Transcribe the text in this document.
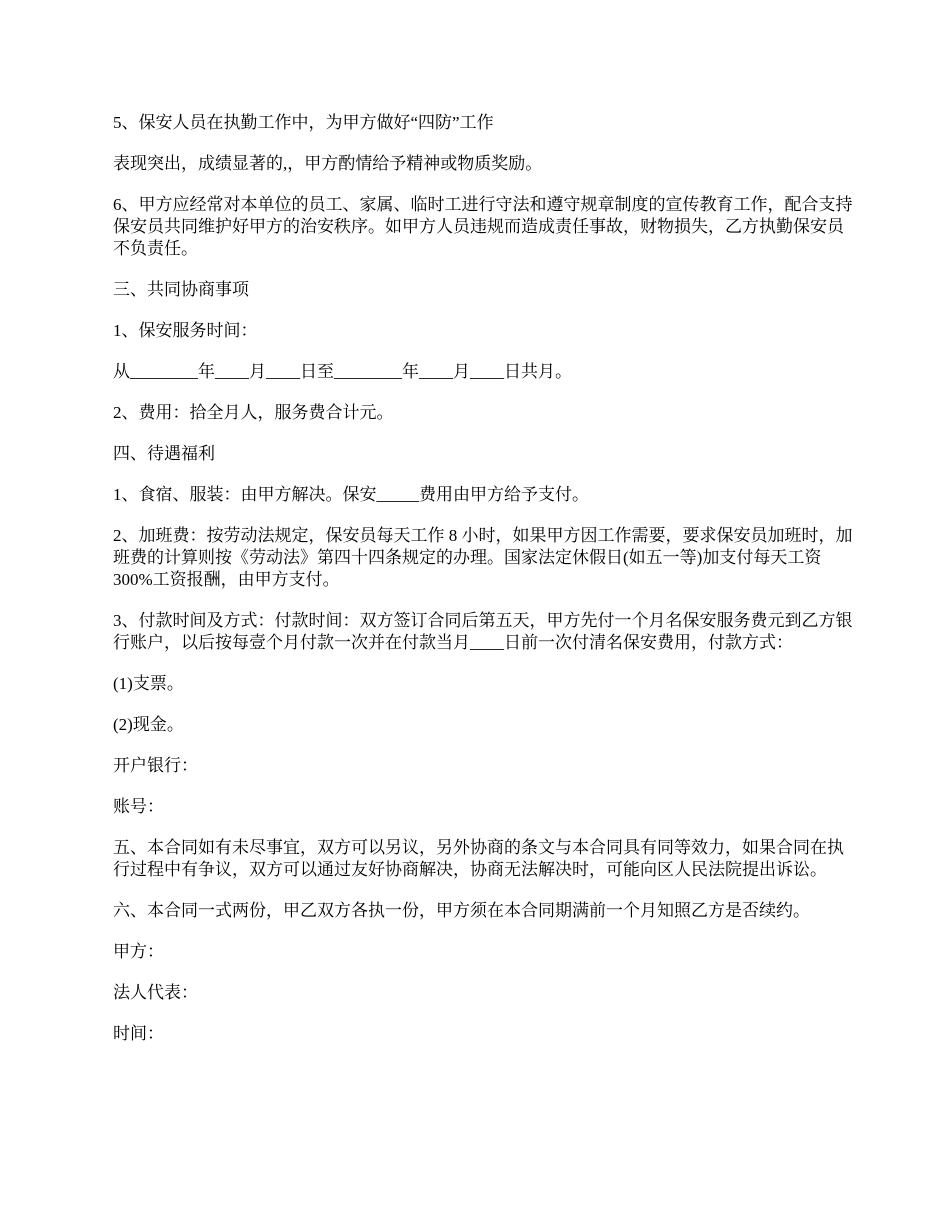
5、保安人员在执勤工作中，为甲方做好“四防”工作

表现突出，成绩显著的,，甲方酌情给予精神或物质奖励。

6、甲方应经常对本单位的员工、家属、临时工进行守法和遵守规章制度的宣传教育工作，配合支持保安员共同维护好甲方的治安秩序。如甲方人员违规而造成责任事故，财物损失，乙方执勤保安员不负责任。

三、共同协商事项

1、保安服务时间：

从________年____月____日至________年____月____日共月。

2、费用：拾全月人，服务费合计元。

四、待遇福利

1、食宿、服装：由甲方解决。保安_____费用由甲方给予支付。

2、加班费：按劳动法规定，保安员每天工作 8 小时，如果甲方因工作需要，要求保安员加班时，加班费的计算则按《劳动法》第四十四条规定的办理。国家法定休假日(如五一等)加支付每天工资 300%工资报酬，由甲方支付。

3、付款时间及方式：付款时间：双方签订合同后第五天，甲方先付一个月名保安服务费元到乙方银行账户，以后按每壹个月付款一次并在付款当月____日前一次付清名保安费用，付款方式：

(1)支票。

(2)现金。

开户银行：

账号：

五、本合同如有未尽事宜，双方可以另议，另外协商的条文与本合同具有同等效力，如果合同在执行过程中有争议，双方可以通过友好协商解决，协商无法解决时，可能向区人民法院提出诉讼。

六、本合同一式两份，甲乙双方各执一份，甲方须在本合同期满前一个月知照乙方是否续约。

甲方：

法人代表：

时间：
